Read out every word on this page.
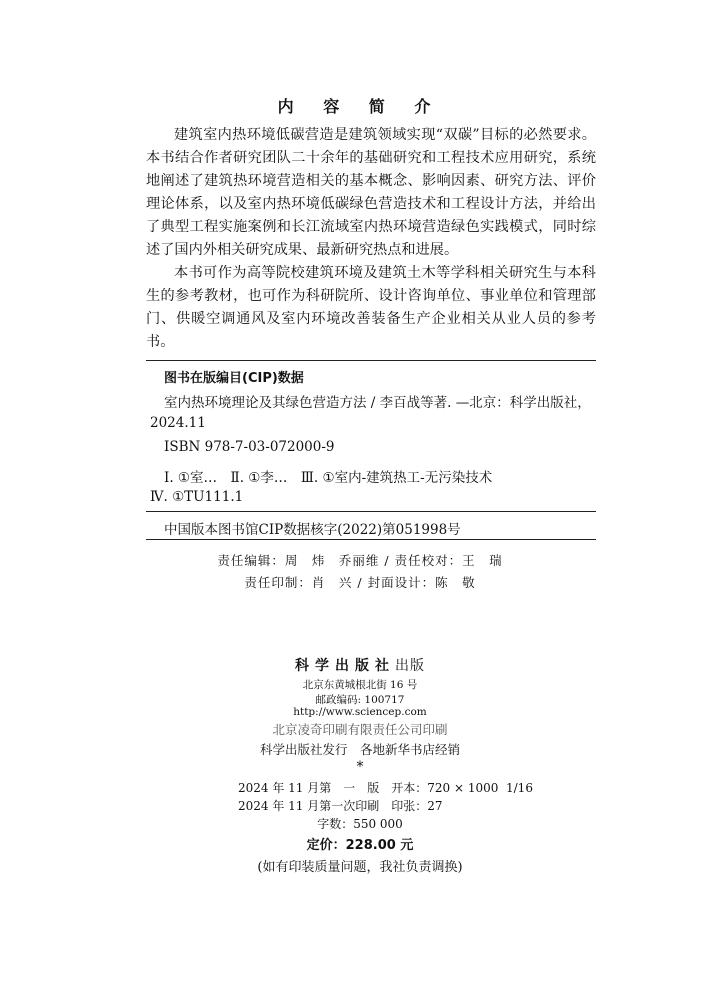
内 容 简 介

建筑室内热环境低碳营造是建筑领域实现“双碳”目标的必然要求。本书结合作者研究团队二十余年的基础研究和工程技术应用研究，系统地阐述了建筑热环境营造相关的基本概念、影响因素、研究方法、评价理论体系，以及室内热环境低碳绿色营造技术和工程设计方法，并给出了典型工程实施案例和长江流域室内热环境营造绿色实践模式，同时综述了国内外相关研究成果、最新研究热点和进展。

本书可作为高等院校建筑环境及建筑土木等学科相关研究生与本科生的参考教材，也可作为科研院所、设计咨询单位、事业单位和管理部门、供暖空调通风及室内环境改善装备生产企业相关从业人员的参考书。

图书在版编目(CIP)数据
室内热环境理论及其绿色营造方法 / 李百战等著. —北京：科学出版社，
2024.11
ISBN 978-7-03-072000-9
Ⅰ. ①室…　Ⅱ. ①李…　Ⅲ. ①室内-建筑热工-无污染技术
Ⅳ. ①TU111.1
中国版本图书馆CIP数据核字(2022)第051998号
责任编辑：周　炜　乔丽维 / 责任校对：王　瑞
责任印制：肖　兴 / 封面设计：陈　敬
科学出版社出版
北京东黄城根北街 16 号
邮政编码: 100717
http://www.sciencep.com
北京凌奇印刷有限责任公司印刷
科学出版社发行　各地新华书店经销
*
2024 年 11 月第　一　版　开本：720 × 1000  1/16
2024 年 11 月第一次印刷　印张：27
字数：550 000
定价：228.00 元
(如有印装质量问题，我社负责调换)
